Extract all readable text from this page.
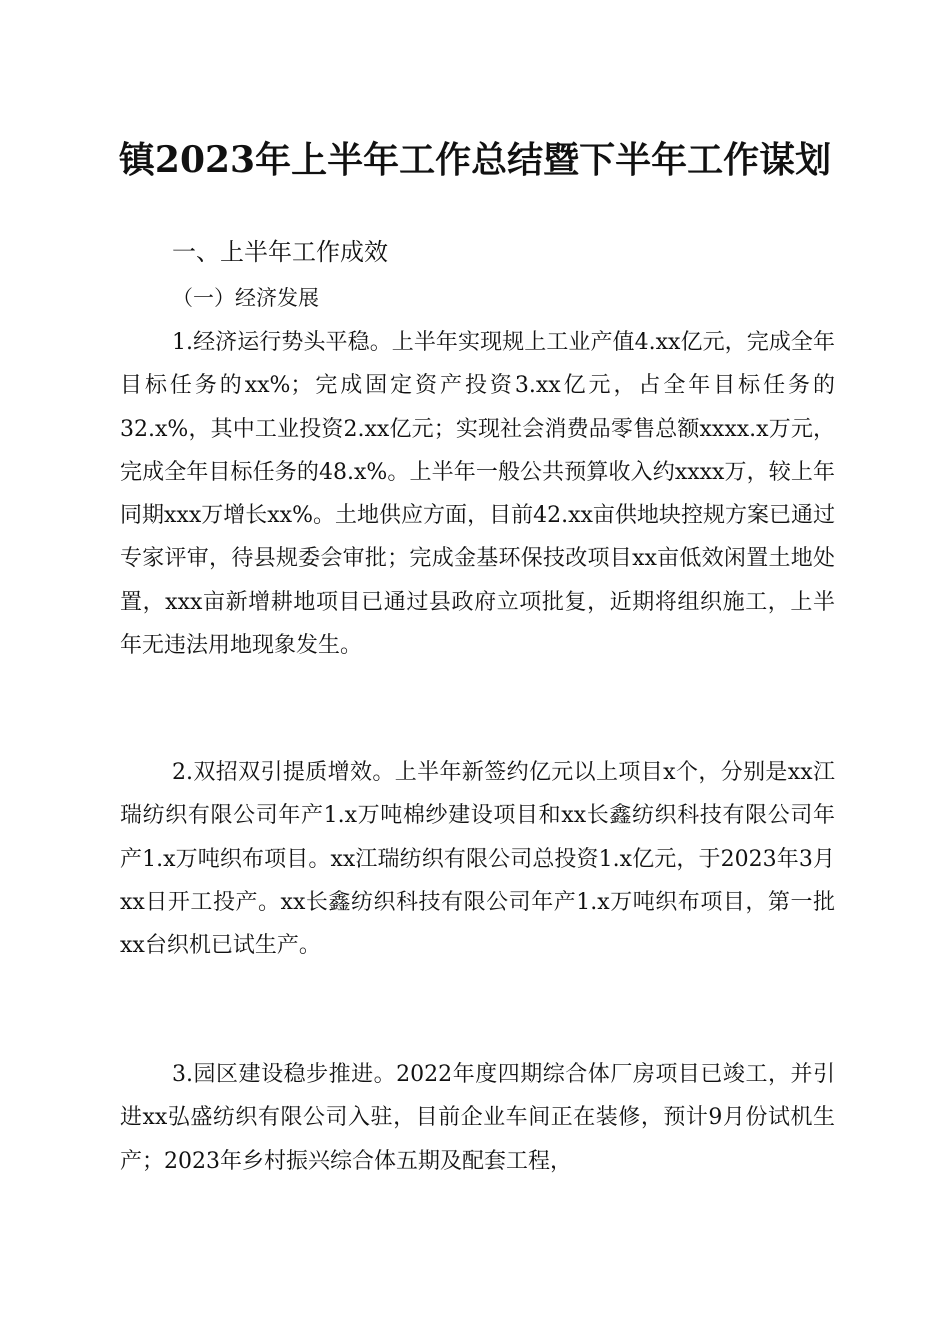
镇2023年上半年工作总结暨下半年工作谋划
一、上半年工作成效
（一）经济发展

1.经济运行势头平稳。上半年实现规上工业产值4.xx亿元，完成全年目标任务的xx%；完成固定资产投资3.xx亿元，占全年目标任务的32.x%，其中工业投资2.xx亿元；实现社会消费品零售总额xxxx.x万元，完成全年目标任务的48.x%。上半年一般公共预算收入约xxxx万，较上年同期xxx万增长xx%。土地供应方面，目前42.xx亩供地块控规方案已通过专家评审，待县规委会审批；完成金基环保技改项目xx亩低效闲置土地处置，xxx亩新增耕地项目已通过县政府立项批复，近期将组织施工，上半年无违法用地现象发生。

2.双招双引提质增效。上半年新签约亿元以上项目x个，分别是xx江瑞纺织有限公司年产1.x万吨棉纱建设项目和xx长鑫纺织科技有限公司年产1.x万吨织布项目。xx江瑞纺织有限公司总投资1.x亿元，于2023年3月xx日开工投产。xx长鑫纺织科技有限公司年产1.x万吨织布项目，第一批xx台织机已试生产。

3.园区建设稳步推进。2022年度四期综合体厂房项目已竣工，并引进xx弘盛纺织有限公司入驻，目前企业车间正在装修，预计9月份试机生产；2023年乡村振兴综合体五期及配套工程，
